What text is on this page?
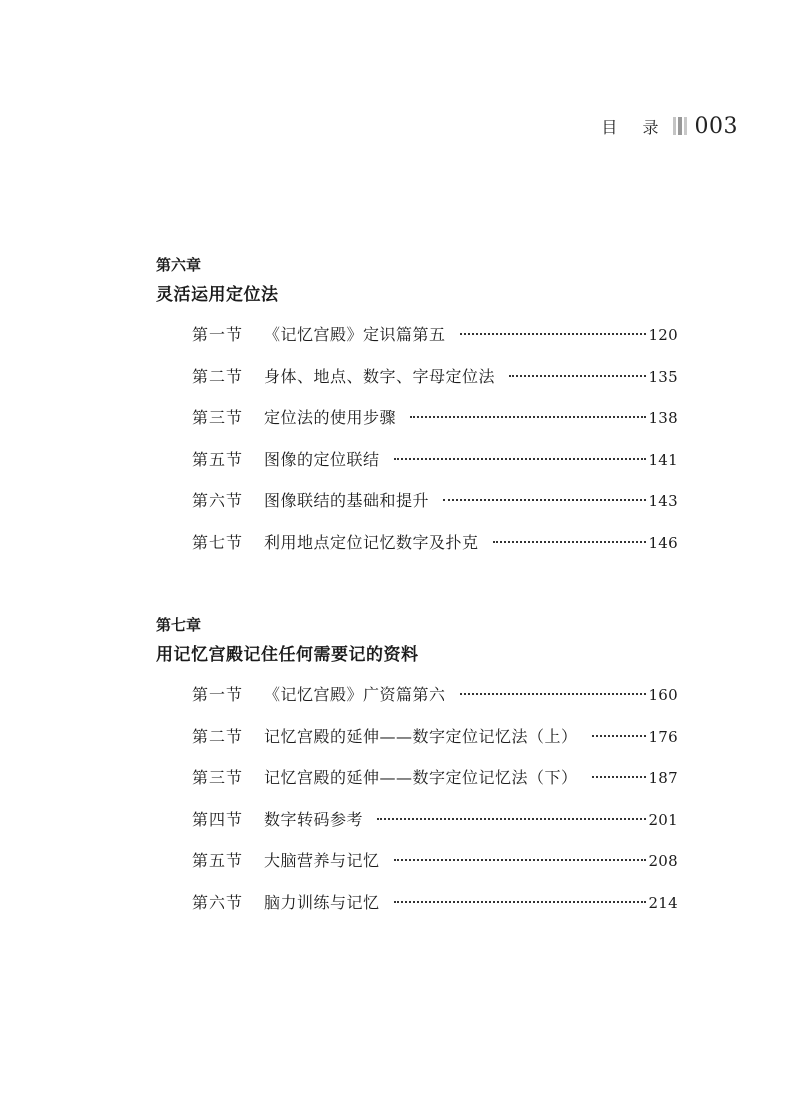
目 录 003
第六章
灵活运用定位法
第一节	《记忆宫殿》定识篇第五	120
第二节	身体、地点、数字、字母定位法	135
第三节	定位法的使用步骤	138
第五节	图像的定位联结	141
第六节	图像联结的基础和提升	143
第七节	利用地点定位记忆数字及扑克	146
第七章
用记忆宫殿记住任何需要记的资料
第一节	《记忆宫殿》广资篇第六	160
第二节	记忆宫殿的延伸——数字定位记忆法（上）	176
第三节	记忆宫殿的延伸——数字定位记忆法（下）	187
第四节	数字转码参考	201
第五节	大脑营养与记忆	208
第六节	脑力训练与记忆	214
